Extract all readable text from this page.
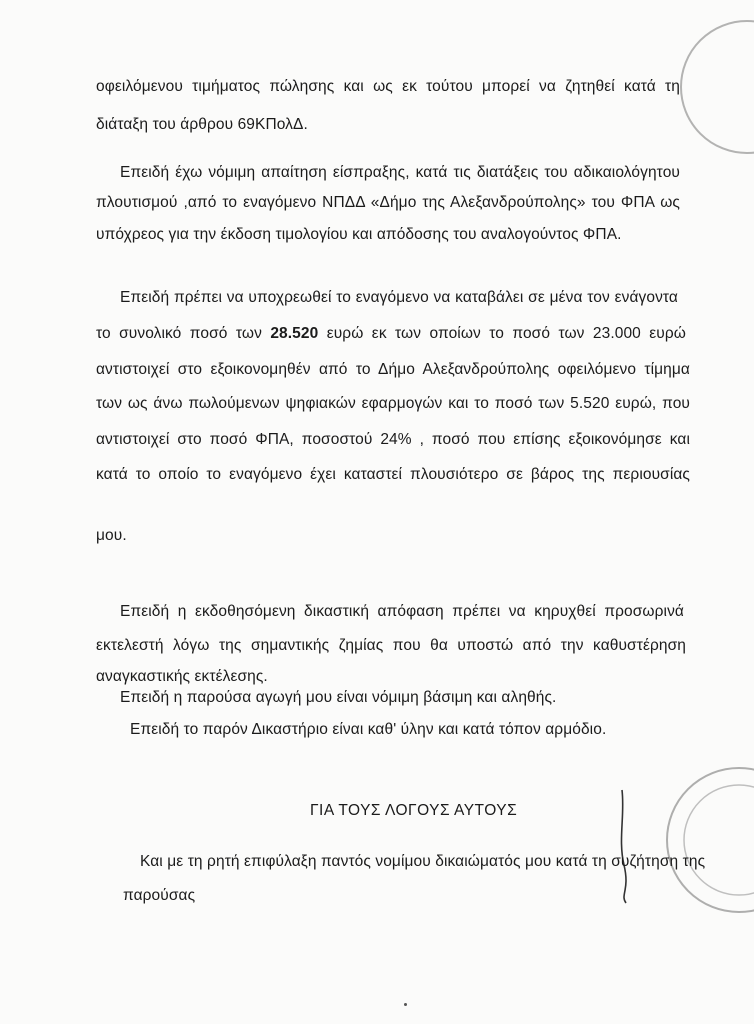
οφειλόμενου τιμήματος πώλησης και ως εκ τούτου μπορεί να ζητηθεί κατά τη
διάταξη του άρθρου 69ΚΠολΔ.
Επειδή έχω νόμιμη απαίτηση είσπραξης, κατά τις διατάξεις του αδικαιολόγητου
πλουτισμού ,από το εναγόμενο ΝΠΔΔ «Δήμο της Αλεξανδρούπολης» του ΦΠΑ ως
υπόχρεος για την έκδοση τιμολογίου και απόδοσης του αναλογούντος ΦΠΑ.
Επειδή πρέπει να υποχρεωθεί το εναγόμενο να καταβάλει σε μένα τον ενάγοντα
το συνολικό ποσό των 28.520 ευρώ εκ των οποίων το ποσό των 23.000 ευρώ
αντιστοιχεί στο εξοικονομηθέν από το Δήμο Αλεξανδρούπολης οφειλόμενο τίμημα
των ως άνω πωλούμενων ψηφιακών εφαρμογών και το ποσό των 5.520 ευρώ, που
αντιστοιχεί στο ποσό ΦΠΑ, ποσοστού 24% , ποσό που επίσης εξοικονόμησε και
κατά το οποίο το εναγόμενο έχει καταστεί πλουσιότερο σε βάρος της περιουσίας
μου.
Επειδή η εκδοθησόμενη δικαστική απόφαση πρέπει να κηρυχθεί προσωρινά
εκτελεστή λόγω της σημαντικής ζημίας που θα υποστώ από την καθυστέρηση
αναγκαστικής εκτέλεσης.
Επειδή η παρούσα αγωγή μου είναι νόμιμη βάσιμη και αληθής.
Επειδή το παρόν Δικαστήριο είναι καθ' ύλην και κατά τόπον αρμόδιο.
ΓΙΑ ΤΟΥΣ ΛΟΓΟΥΣ ΑΥΤΟΥΣ
Και με τη ρητή επιφύλαξη παντός νομίμου δικαιώματός μου κατά τη συζήτηση της
παρούσας
